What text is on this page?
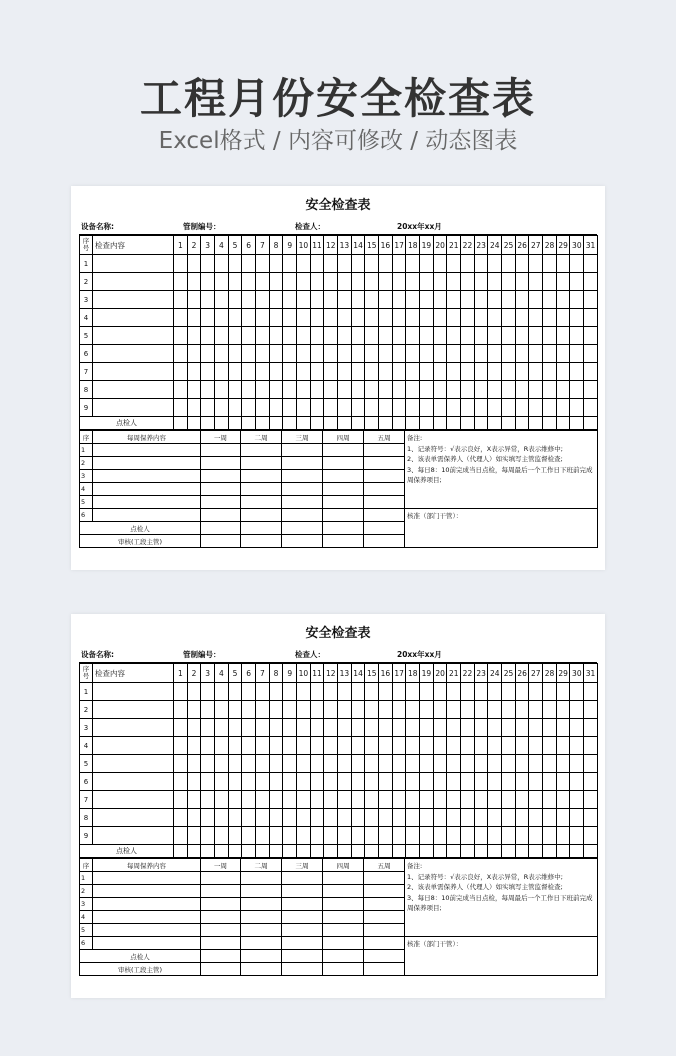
工程月份安全检查表
Excel格式 / 内容可修改 / 动态图表
安全检查表
设备名称:	管制编号：	检查人：	20xx年xx月
序号	检查内容	1	2	3	4	5	6	7	8	9	10	11	12	13	14	15	16	17	18	19	20	21	22	23	24	25	26	27	28	29	30	31
1																																
2																																
3																																
4																																
5																																
6																																
7																																
8																																
9																																
点检人																																
序	每周保养内容	一周	二周	三周	四周	五周	备注:
1、记录符号：√表示良好，X表示异常，R表示维修中;
2、该表单需保养人（代理人）如实填写主管监督检查;
3、每日8：10前完成当日点检，每周最后一个工作日下班前完成周保养项目;

1							
2							
3							
4							
5							
6							核准（部门干管）：
点检人							
审核(工段主管)							
安全检查表
设备名称:	管制编号：	检查人：	20xx年xx月
序号	检查内容	1	2	3	4	5	6	7	8	9	10	11	12	13	14	15	16	17	18	19	20	21	22	23	24	25	26	27	28	29	30	31
1																																
2																																
3																																
4																																
5																																
6																																
7																																
8																																
9																																
点检人																																
序	每周保养内容	一周	二周	三周	四周	五周	备注:
1、记录符号：√表示良好，X表示异常，R表示维修中;
2、该表单需保养人（代理人）如实填写主管监督检查;
3、每日8：10前完成当日点检，每周最后一个工作日下班前完成周保养项目;

1							
2							
3							
4							
5							
6							核准（部门干管）：
点检人							
审核(工段主管)							
